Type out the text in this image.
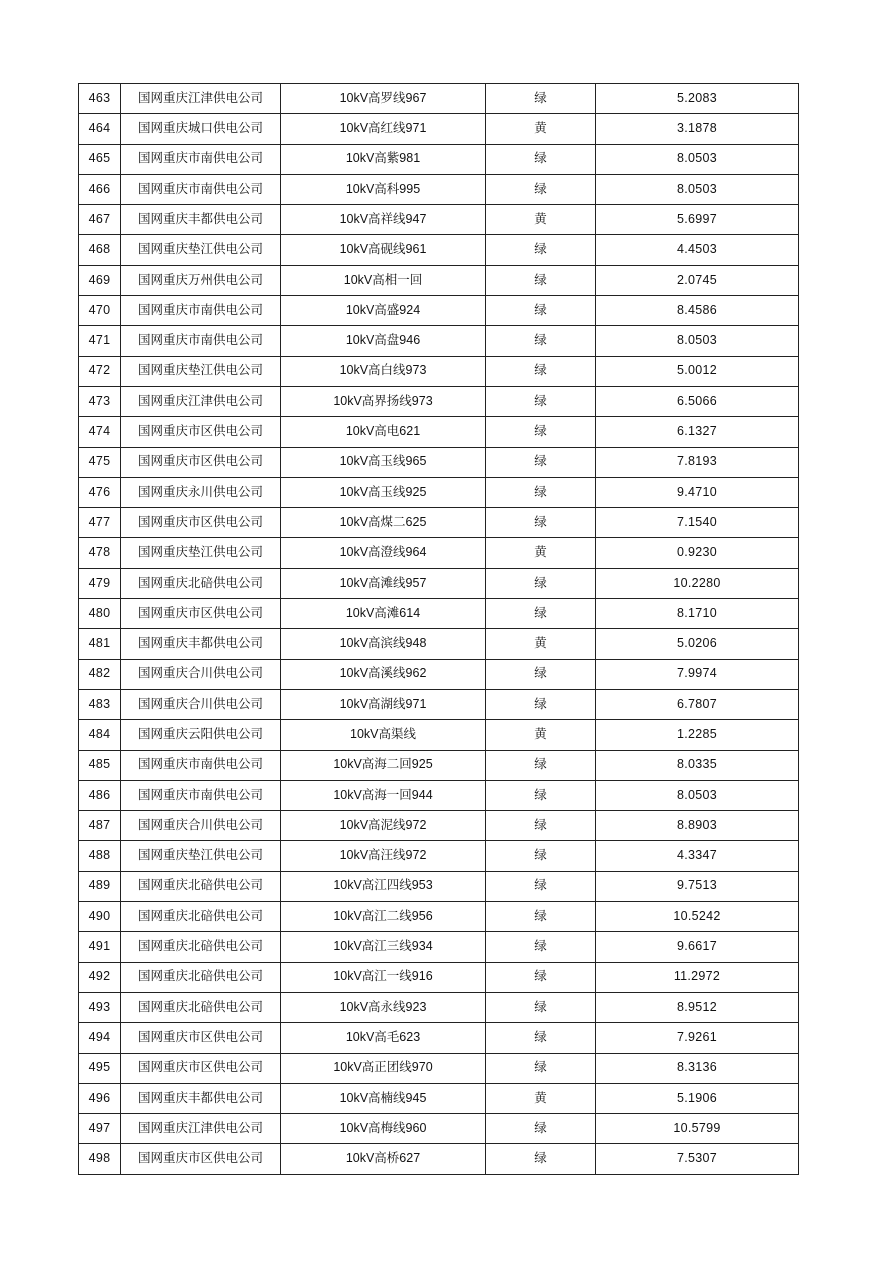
463	国网重庆江津供电公司	10kV高罗线967	绿	5.2083
464	国网重庆城口供电公司	10kV高红线971	黄	3.1878
465	国网重庆市南供电公司	10kV高紫981	绿	8.0503
466	国网重庆市南供电公司	10kV高科995	绿	8.0503
467	国网重庆丰都供电公司	10kV高祥线947	黄	5.6997
468	国网重庆垫江供电公司	10kV高砚线961	绿	4.4503
469	国网重庆万州供电公司	10kV高相一回	绿	2.0745
470	国网重庆市南供电公司	10kV高盛924	绿	8.4586
471	国网重庆市南供电公司	10kV高盘946	绿	8.0503
472	国网重庆垫江供电公司	10kV高白线973	绿	5.0012
473	国网重庆江津供电公司	10kV高界扬线973	绿	6.5066
474	国网重庆市区供电公司	10kV高电621	绿	6.1327
475	国网重庆市区供电公司	10kV高玉线965	绿	7.8193
476	国网重庆永川供电公司	10kV高玉线925	绿	9.4710
477	国网重庆市区供电公司	10kV高煤二625	绿	7.1540
478	国网重庆垫江供电公司	10kV高澄线964	黄	0.9230
479	国网重庆北碚供电公司	10kV高滩线957	绿	10.2280
480	国网重庆市区供电公司	10kV高滩614	绿	8.1710
481	国网重庆丰都供电公司	10kV高滨线948	黄	5.0206
482	国网重庆合川供电公司	10kV高溪线962	绿	7.9974
483	国网重庆合川供电公司	10kV高湖线971	绿	6.7807
484	国网重庆云阳供电公司	10kV高渠线	黄	1.2285
485	国网重庆市南供电公司	10kV高海二回925	绿	8.0335
486	国网重庆市南供电公司	10kV高海一回944	绿	8.0503
487	国网重庆合川供电公司	10kV高泥线972	绿	8.8903
488	国网重庆垫江供电公司	10kV高汪线972	绿	4.3347
489	国网重庆北碚供电公司	10kV高江四线953	绿	9.7513
490	国网重庆北碚供电公司	10kV高江二线956	绿	10.5242
491	国网重庆北碚供电公司	10kV高江三线934	绿	9.6617
492	国网重庆北碚供电公司	10kV高江一线916	绿	11.2972
493	国网重庆北碚供电公司	10kV高永线923	绿	8.9512
494	国网重庆市区供电公司	10kV高毛623	绿	7.9261
495	国网重庆市区供电公司	10kV高正团线970	绿	8.3136
496	国网重庆丰都供电公司	10kV高楠线945	黄	5.1906
497	国网重庆江津供电公司	10kV高梅线960	绿	10.5799
498	国网重庆市区供电公司	10kV高桥627	绿	7.5307
